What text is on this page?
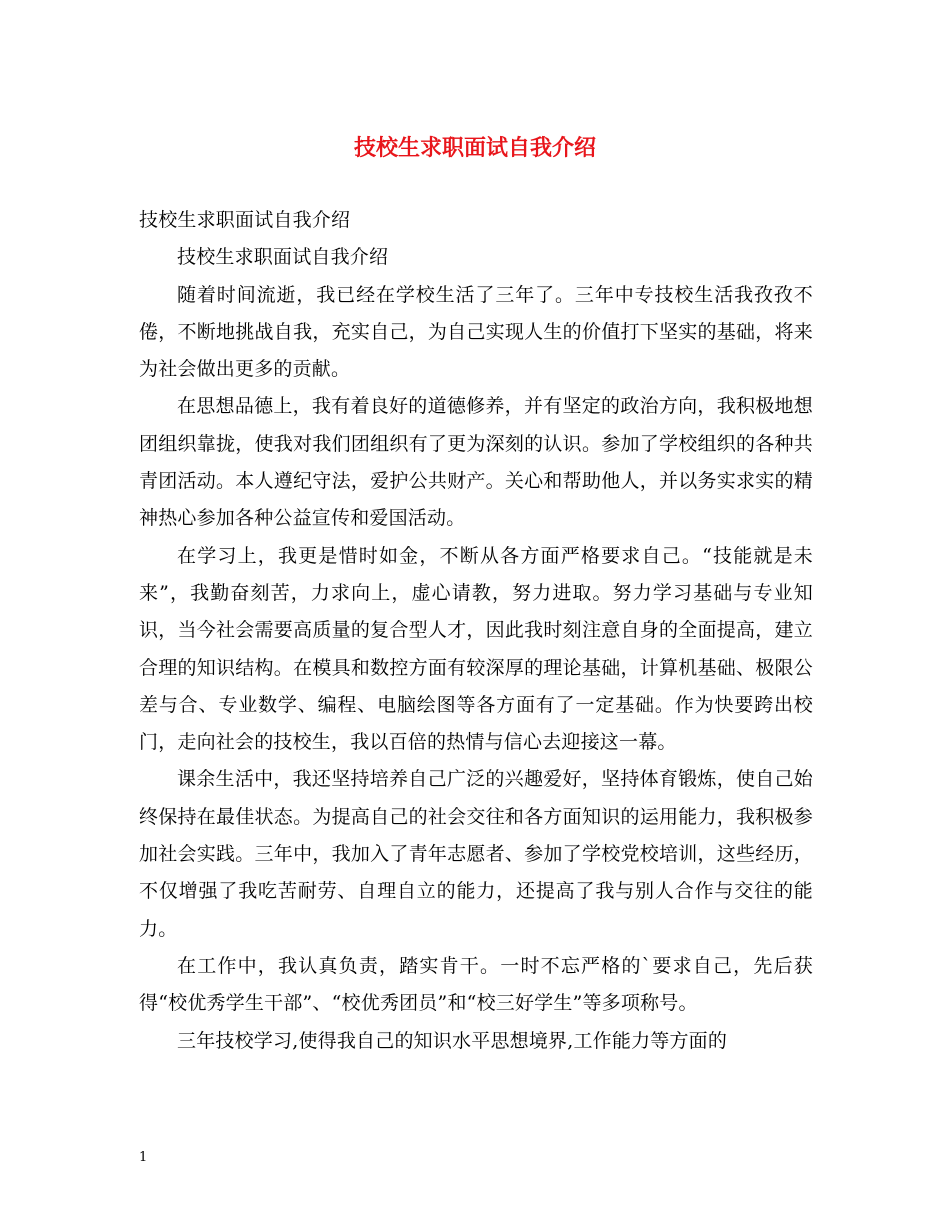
技校生求职面试自我介绍

技校生求职面试自我介绍

技校生求职面试自我介绍

随着时间流逝，我已经在学校生活了三年了。三年中专技校生活我孜孜不倦，不断地挑战自我，充实自己，为自己实现人生的价值打下坚实的基础，将来为社会做出更多的贡献。

在思想品德上，我有着良好的道德修养，并有坚定的政治方向，我积极地想团组织靠拢，使我对我们团组织有了更为深刻的认识。参加了学校组织的各种共青团活动。本人遵纪守法，爱护公共财产。关心和帮助他人，并以务实求实的精神热心参加各种公益宣传和爱国活动。

在学习上，我更是惜时如金，不断从各方面严格要求自己。“技能就是未来”，我勤奋刻苦，力求向上，虚心请教，努力进取。努力学习基础与专业知识，当今社会需要高质量的复合型人才，因此我时刻注意自身的全面提高，建立合理的知识结构。在模具和数控方面有较深厚的理论基础，计算机基础、极限公差与合、专业数学、编程、电脑绘图等各方面有了一定基础。作为快要跨出校门，走向社会的技校生，我以百倍的热情与信心去迎接这一幕。

课余生活中，我还坚持培养自己广泛的兴趣爱好，坚持体育锻炼，使自己始终保持在最佳状态。为提高自己的社会交往和各方面知识的运用能力，我积极参加社会实践。三年中，我加入了青年志愿者、参加了学校党校培训，这些经历，不仅增强了我吃苦耐劳、自理自立的能力，还提高了我与别人合作与交往的能力。

在工作中，我认真负责，踏实肯干。一时不忘严格的`要求自己，先后获得“校优秀学生干部”、“校优秀团员”和“校三好学生”等多项称号。

三年技校学习,使得我自己的知识水平思想境界,工作能力等方面的

1
